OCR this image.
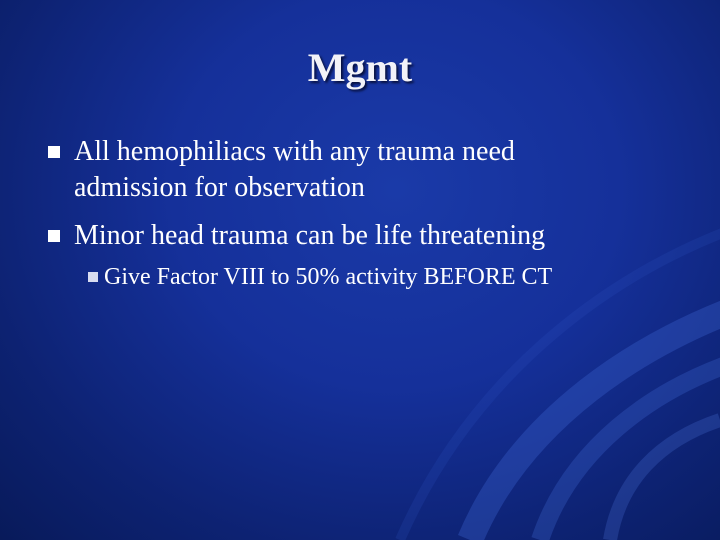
Mgmt
All hemophiliacs with any trauma need
admission for observation
Minor head trauma can be life threatening
Give Factor VIII to 50% activity BEFORE CT
